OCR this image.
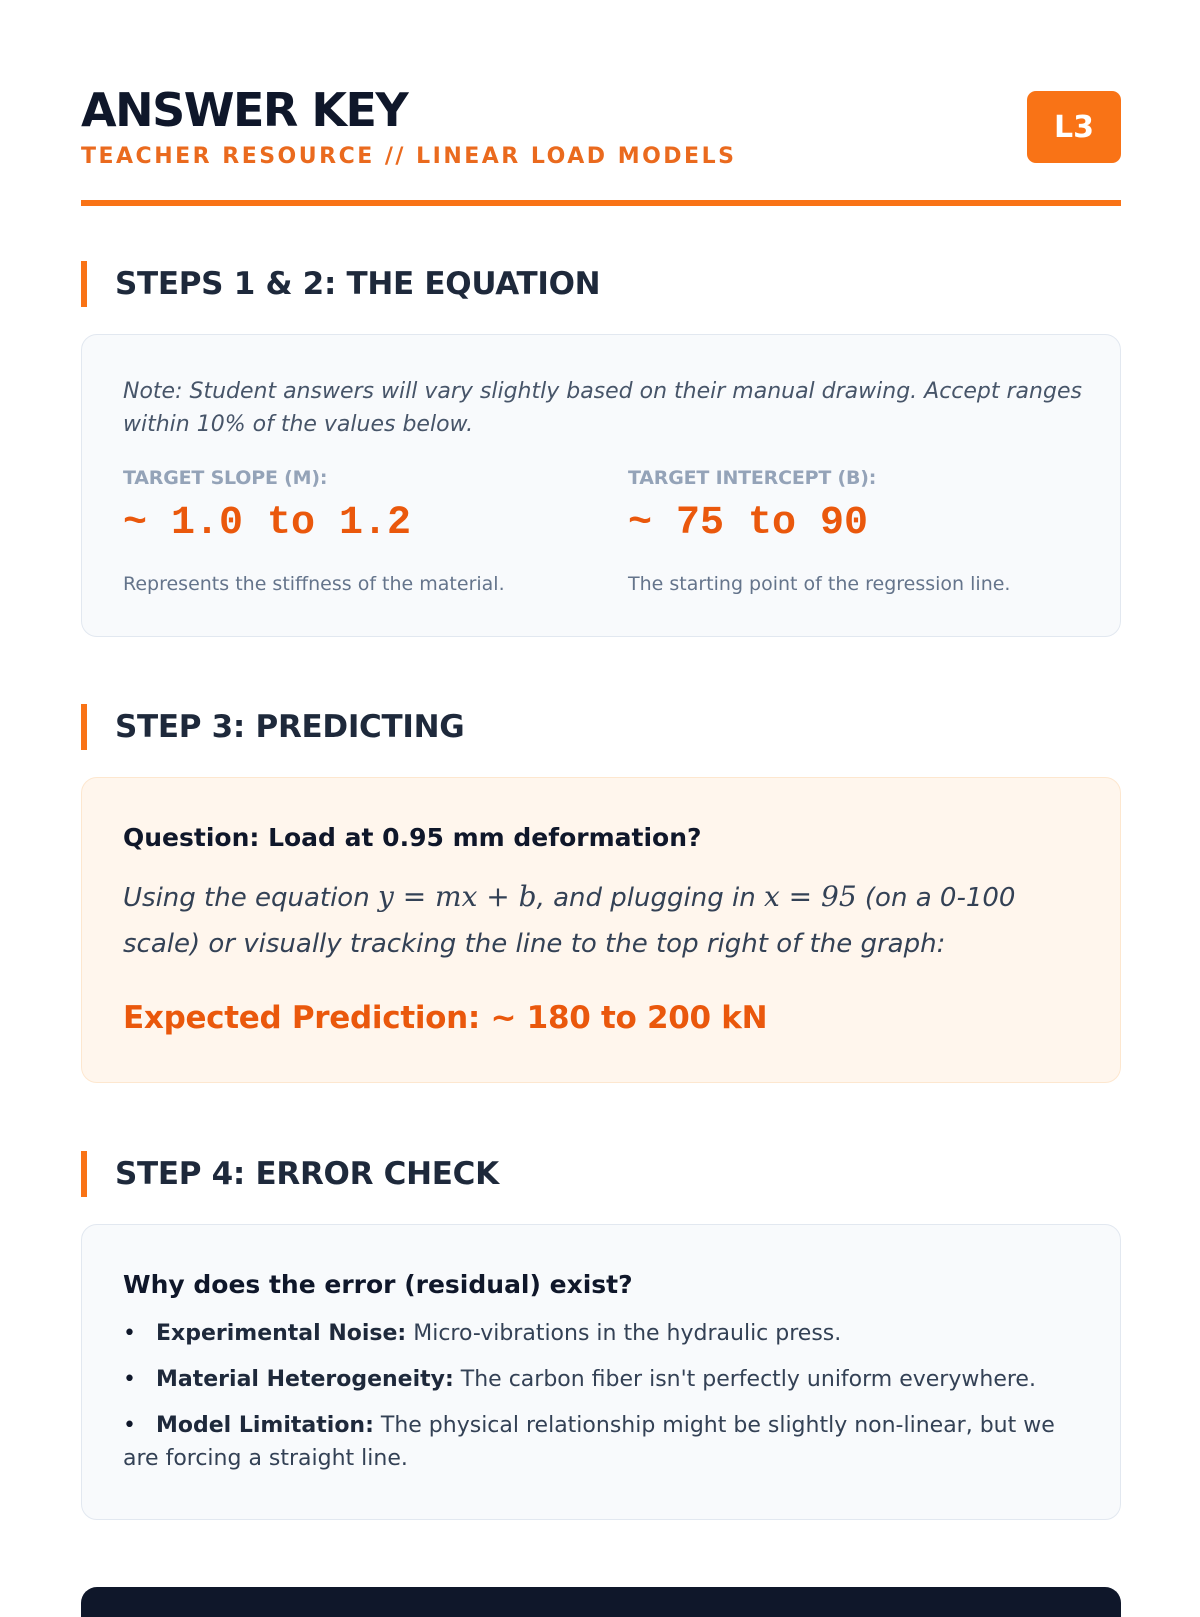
ANSWER KEY
TEACHER RESOURCE // LINEAR LOAD MODELS
L3
STEPS 1 & 2: THE EQUATION
Note: Student answers will vary slightly based on their manual drawing. Accept ranges within 10% of the values below.
TARGET SLOPE (M):
~ 1.0 to 1.2
Represents the stiffness of the material.
TARGET INTERCEPT (B):
~ 75 to 90
The starting point of the regression line.
STEP 3: PREDICTING
Question: Load at 0.95 mm deformation?
Using the equation y = mx + b, and plugging in x = 95 (on a 0-100 scale) or visually tracking the line to the top right of the graph:
Expected Prediction: ~ 180 to 200 kN
STEP 4: ERROR CHECK
Why does the error (residual) exist?
• Experimental Noise: Micro-vibrations in the hydraulic press.
• Material Heterogeneity: The carbon fiber isn't perfectly uniform everywhere.
• Model Limitation: The physical relationship might be slightly non-linear, but we are forcing a straight line.
